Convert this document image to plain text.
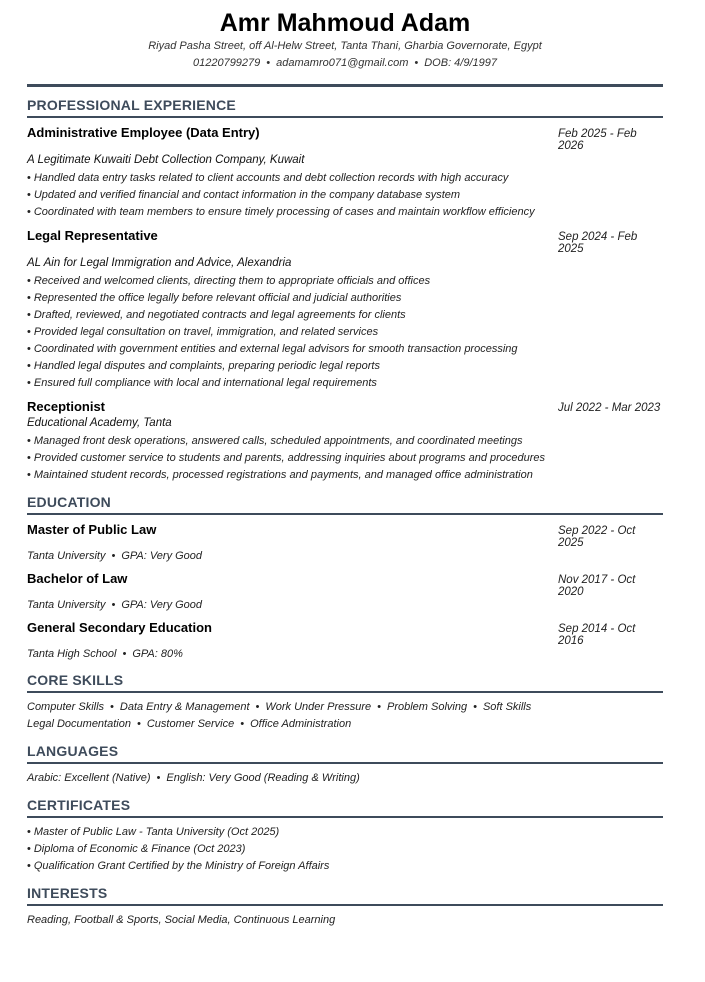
Amr Mahmoud Adam
Riyad Pasha Street, off Al-Helw Street, Tanta Thani, Gharbia Governorate, Egypt
01220799279 • adamamro071@gmail.com • DOB: 4/9/1997
PROFESSIONAL EXPERIENCE
Administrative Employee (Data Entry)	Feb 2025 - Feb 2026
A Legitimate Kuwaiti Debt Collection Company, Kuwait
• Handled data entry tasks related to client accounts and debt collection records with high accuracy
• Updated and verified financial and contact information in the company database system
• Coordinated with team members to ensure timely processing of cases and maintain workflow efficiency
Legal Representative	Sep 2024 - Feb 2025
AL Ain for Legal Immigration and Advice, Alexandria
• Received and welcomed clients, directing them to appropriate officials and offices
• Represented the office legally before relevant official and judicial authorities
• Drafted, reviewed, and negotiated contracts and legal agreements for clients
• Provided legal consultation on travel, immigration, and related services
• Coordinated with government entities and external legal advisors for smooth transaction processing
• Handled legal disputes and complaints, preparing periodic legal reports
• Ensured full compliance with local and international legal requirements
Receptionist	Jul 2022 - Mar 2023
Educational Academy, Tanta
• Managed front desk operations, answered calls, scheduled appointments, and coordinated meetings
• Provided customer service to students and parents, addressing inquiries about programs and procedures
• Maintained student records, processed registrations and payments, and managed office administration
EDUCATION
Master of Public Law	Sep 2022 - Oct 2025
Tanta University • GPA: Very Good
Bachelor of Law	Nov 2017 - Oct 2020
Tanta University • GPA: Very Good
General Secondary Education	Sep 2014 - Oct 2016
Tanta High School • GPA: 80%
CORE SKILLS
Computer Skills • Data Entry & Management • Work Under Pressure • Problem Solving • Soft Skills
Legal Documentation • Customer Service • Office Administration
LANGUAGES
Arabic: Excellent (Native) • English: Very Good (Reading & Writing)
CERTIFICATES
• Master of Public Law - Tanta University (Oct 2025)
• Diploma of Economic & Finance (Oct 2023)
• Qualification Grant Certified by the Ministry of Foreign Affairs
INTERESTS
Reading, Football & Sports, Social Media, Continuous Learning
